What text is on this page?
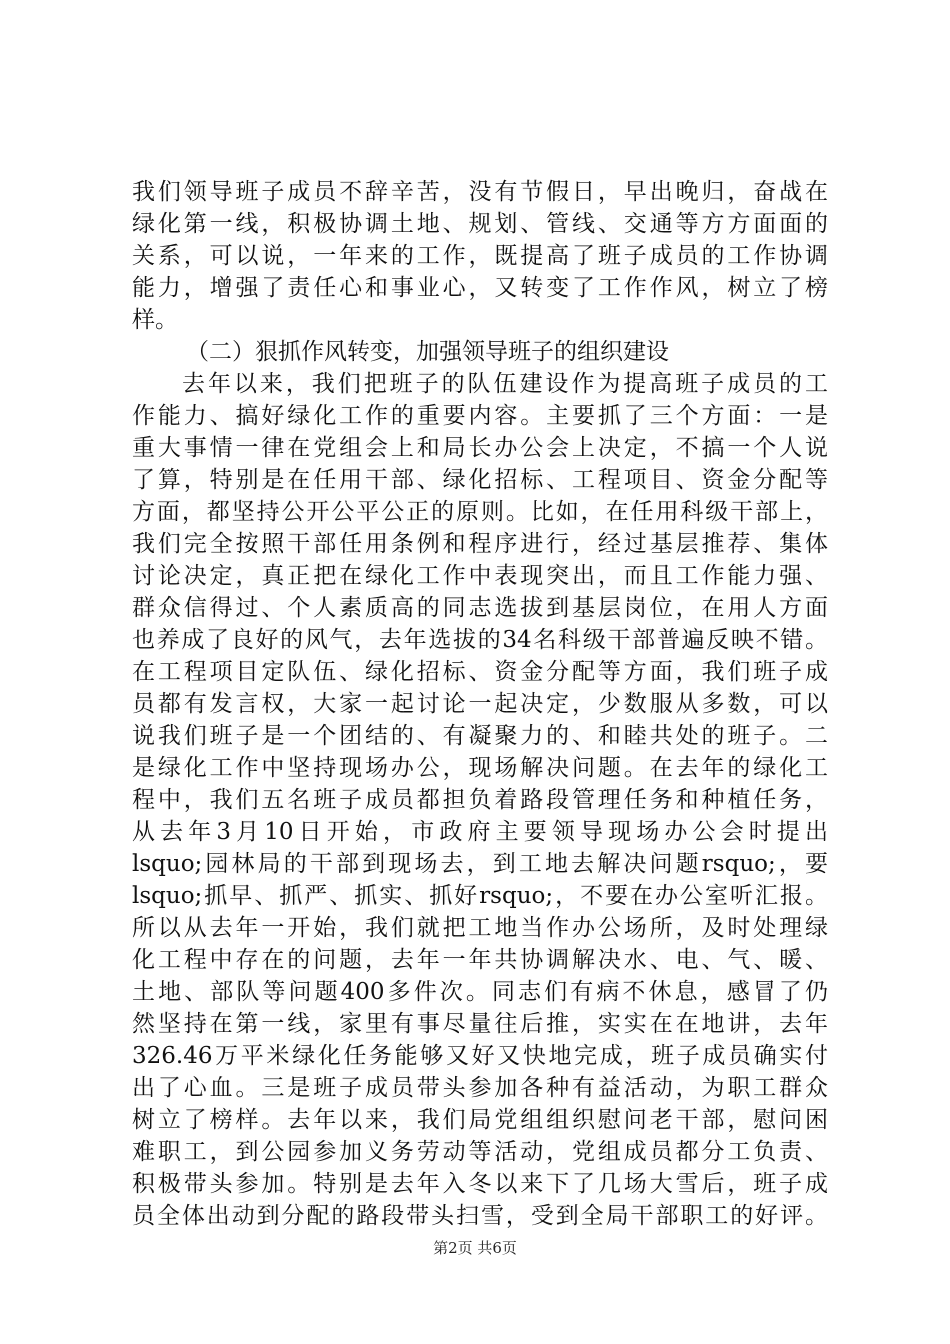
我们领导班子成员不辞辛苦，没有节假日，早出晚归，奋战在
绿化第一线，积极协调土地、规划、管线、交通等方方面面的
关系，可以说，一年来的工作，既提高了班子成员的工作协调
能力，增强了责任心和事业心，又转变了工作作风，树立了榜
样。
（二）狠抓作风转变，加强领导班子的组织建设
去年以来，我们把班子的队伍建设作为提高班子成员的工
作能力、搞好绿化工作的重要内容。主要抓了三个方面：一是
重大事情一律在党组会上和局长办公会上决定，不搞一个人说
了算，特别是在任用干部、绿化招标、工程项目、资金分配等
方面，都坚持公开公平公正的原则。比如，在任用科级干部上，
我们完全按照干部任用条例和程序进行，经过基层推荐、集体
讨论决定，真正把在绿化工作中表现突出，而且工作能力强、
群众信得过、个人素质高的同志选拔到基层岗位，在用人方面
也养成了良好的风气，去年选拔的34名科级干部普遍反映不错。
在工程项目定队伍、绿化招标、资金分配等方面，我们班子成
员都有发言权，大家一起讨论一起决定，少数服从多数，可以
说我们班子是一个团结的、有凝聚力的、和睦共处的班子。二
是绿化工作中坚持现场办公，现场解决问题。在去年的绿化工
程中，我们五名班子成员都担负着路段管理任务和种植任务，
从去年3月10日开始，市政府主要领导现场办公会时提出
lsquo;园林局的干部到现场去，到工地去解决问题rsquo;，要
lsquo;抓早、抓严、抓实、抓好rsquo;，不要在办公室听汇报。
所以从去年一开始，我们就把工地当作办公场所，及时处理绿
化工程中存在的问题，去年一年共协调解决水、电、气、暖、
土地、部队等问题400多件次。同志们有病不休息，感冒了仍
然坚持在第一线，家里有事尽量往后推，实实在在地讲，去年
326.46万平米绿化任务能够又好又快地完成，班子成员确实付
出了心血。三是班子成员带头参加各种有益活动，为职工群众
树立了榜样。去年以来，我们局党组组织慰问老干部，慰问困
难职工，到公园参加义务劳动等活动，党组成员都分工负责、
积极带头参加。特别是去年入冬以来下了几场大雪后，班子成
员全体出动到分配的路段带头扫雪，受到全局干部职工的好评。
第2页 共6页
